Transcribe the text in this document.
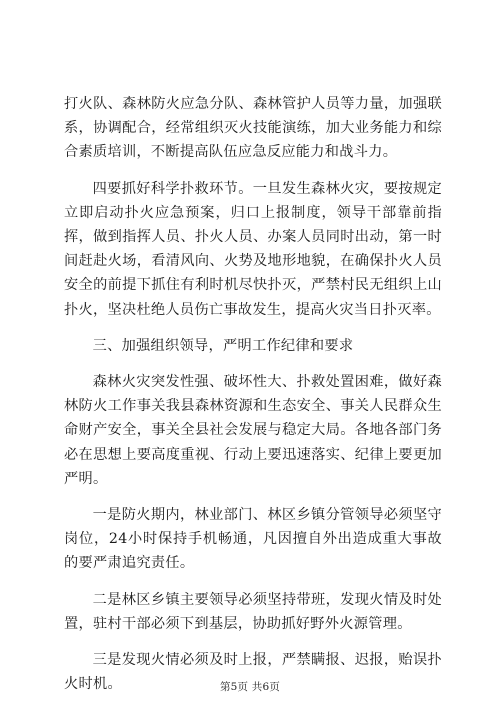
打火队、森林防火应急分队、森林管护人员等力量，加强联系，协调配合，经常组织灭火技能演练，加大业务能力和综合素质培训，不断提高队伍应急反应能力和战斗力。

四要抓好科学扑救环节。一旦发生森林火灾，要按规定立即启动扑火应急预案，归口上报制度，领导干部靠前指挥，做到指挥人员、扑火人员、办案人员同时出动，第一时间赶赴火场，看清风向、火势及地形地貌，在确保扑火人员安全的前提下抓住有利时机尽快扑灭，严禁村民无组织上山扑火，坚决杜绝人员伤亡事故发生，提高火灾当日扑灭率。

三、加强组织领导，严明工作纪律和要求

森林火灾突发性强、破坏性大、扑救处置困难，做好森林防火工作事关我县森林资源和生态安全、事关人民群众生命财产安全，事关全县社会发展与稳定大局。各地各部门务必在思想上要高度重视、行动上要迅速落实、纪律上要更加严明。

一是防火期内，林业部门、林区乡镇分管领导必须坚守岗位，24小时保持手机畅通，凡因擅自外出造成重大事故的要严肃追究责任。

二是林区乡镇主要领导必须坚持带班，发现火情及时处置，驻村干部必须下到基层，协助抓好野外火源管理。

三是发现火情必须及时上报，严禁瞒报、迟报，贻误扑火时机。	第5页 共6页
